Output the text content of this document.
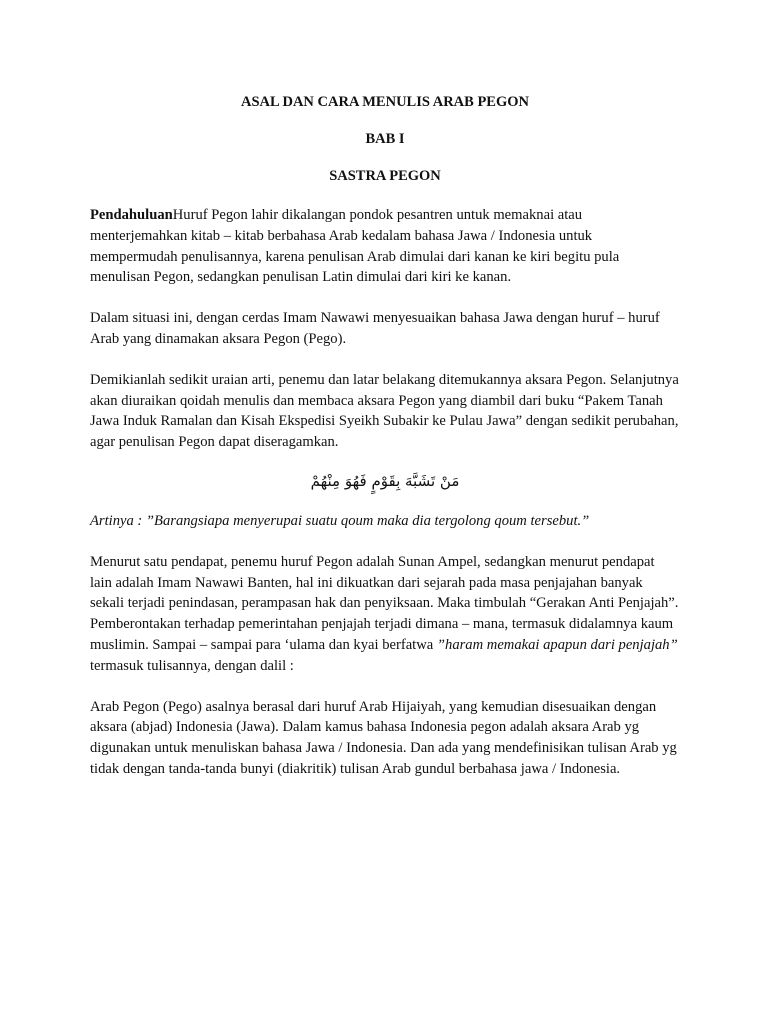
ASAL DAN CARA MENULIS ARAB PEGON

BAB I

SASTRA PEGON

PendahuluanHuruf Pegon lahir dikalangan pondok pesantren untuk memaknai atau menterjemahkan kitab – kitab berbahasa Arab kedalam bahasa Jawa / Indonesia untuk mempermudah penulisannya, karena penulisan Arab dimulai dari kanan ke kiri begitu pula menulisan Pegon, sedangkan penulisan Latin dimulai dari kiri ke kanan.

Dalam situasi ini, dengan cerdas Imam Nawawi menyesuaikan bahasa Jawa dengan huruf – huruf Arab yang dinamakan aksara Pegon (Pego).

Demikianlah sedikit uraian arti, penemu dan latar belakang ditemukannya aksara Pegon. Selanjutnya akan diuraikan qoidah menulis dan membaca aksara Pegon yang diambil dari buku “Pakem Tanah Jawa Induk Ramalan dan Kisah Ekspedisi Syeikh Subakir ke Pulau Jawa” dengan sedikit perubahan, agar penulisan Pegon dapat diseragamkan.

مَنْ تَشَبَّهَ بِقَوْمٍ فَهُوَ مِنْهُمْ

Artinya : ”Barangsiapa menyerupai suatu qoum maka dia tergolong qoum tersebut.”

Menurut satu pendapat, penemu huruf Pegon adalah Sunan Ampel, sedangkan menurut pendapat lain adalah Imam Nawawi Banten, hal ini dikuatkan dari sejarah pada masa penjajahan banyak sekali terjadi penindasan, perampasan hak dan penyiksaan. Maka timbulah “Gerakan Anti Penjajah”. Pemberontakan terhadap pemerintahan penjajah terjadi dimana – mana, termasuk didalamnya kaum muslimin. Sampai – sampai para ‘ulama dan kyai berfatwa ”haram memakai apapun dari penjajah” termasuk tulisannya, dengan dalil :

Arab Pegon (Pego) asalnya berasal dari huruf Arab Hijaiyah, yang kemudian disesuaikan dengan aksara (abjad) Indonesia (Jawa). Dalam kamus bahasa Indonesia pegon adalah aksara Arab yg digunakan untuk menuliskan bahasa Jawa / Indonesia. Dan ada yang mendefinisikan tulisan Arab yg tidak dengan tanda-tanda bunyi (diakritik) tulisan Arab gundul berbahasa jawa / Indonesia.
